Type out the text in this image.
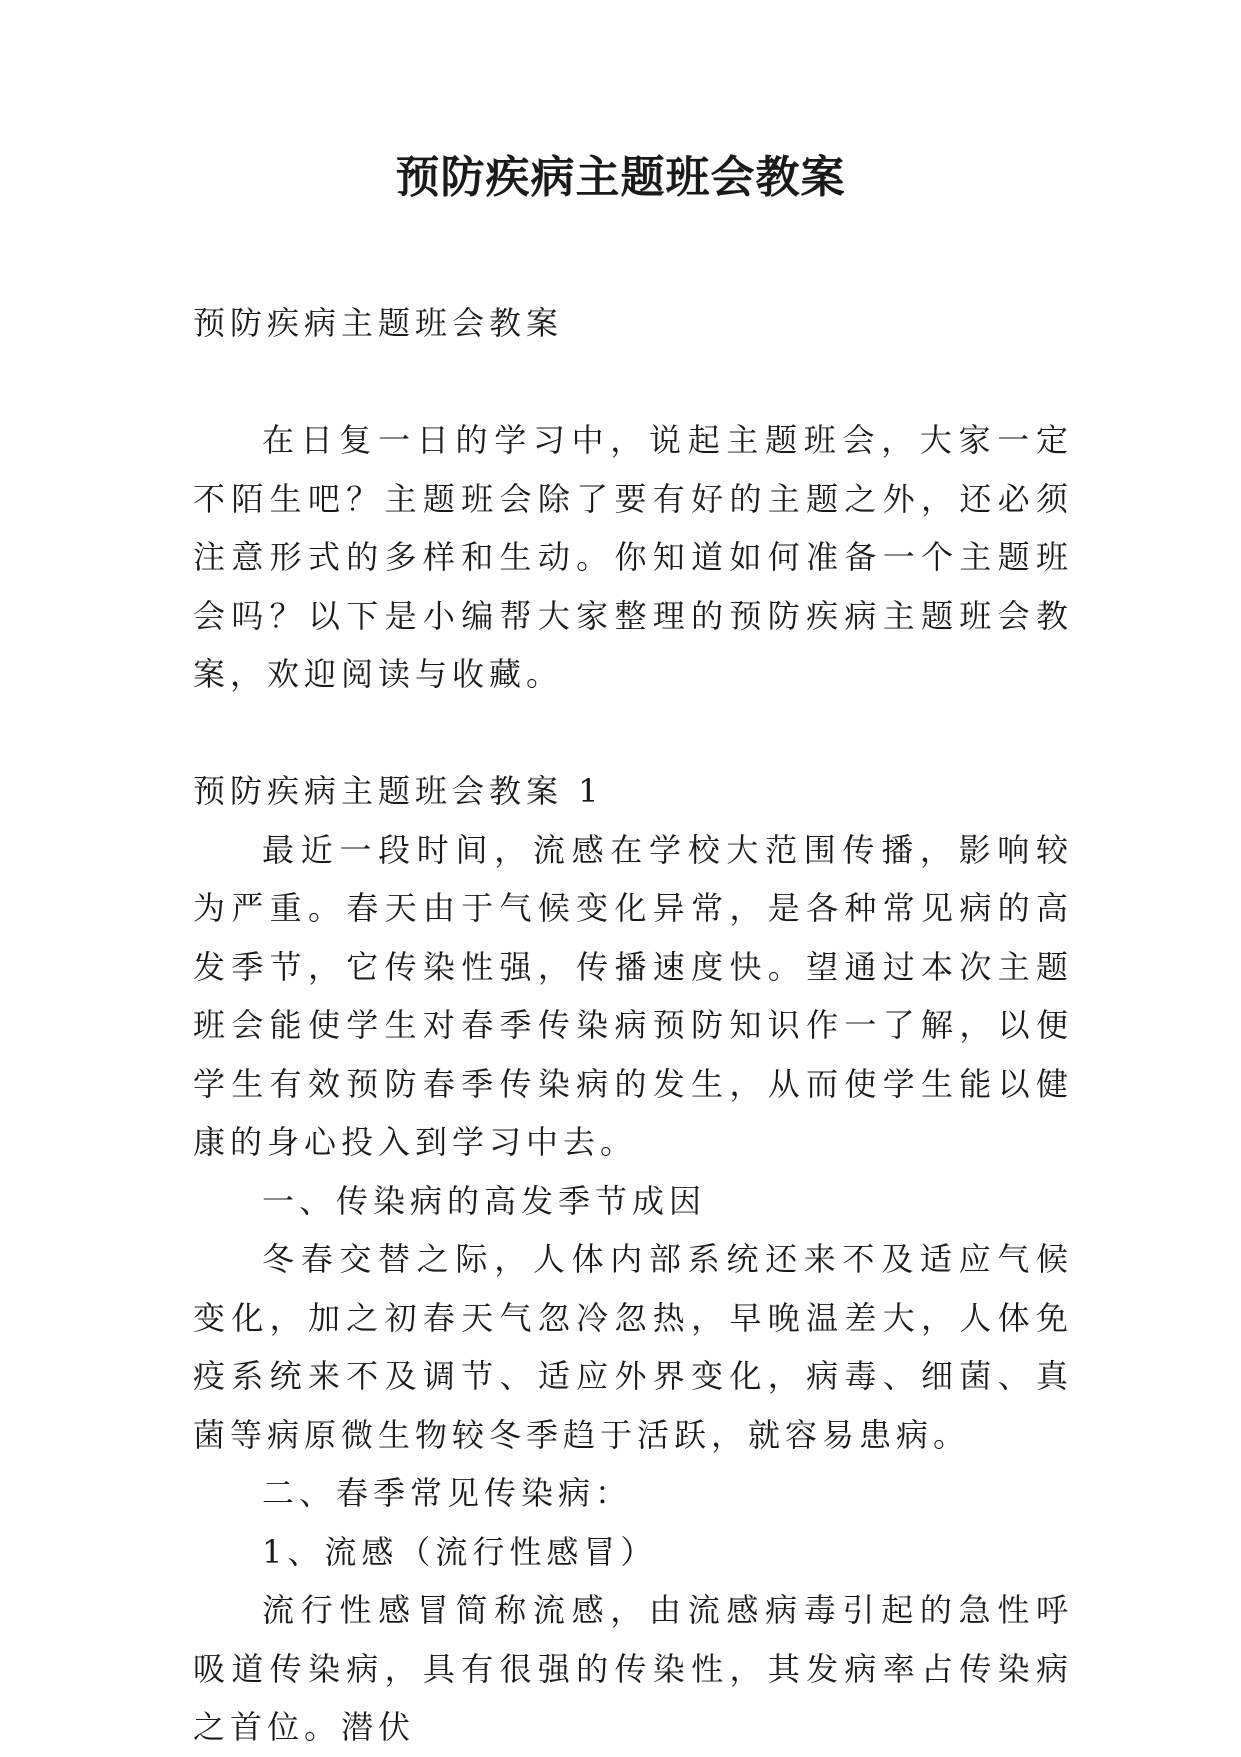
预防疾病主题班会教案

预防疾病主题班会教案

在日复一日的学习中，说起主题班会，大家一定不陌生吧？主题班会除了要有好的主题之外，还必须注意形式的多样和生动。你知道如何准备一个主题班会吗？以下是小编帮大家整理的预防疾病主题班会教案，欢迎阅读与收藏。

预防疾病主题班会教案 1

最近一段时间，流感在学校大范围传播，影响较为严重。春天由于气候变化异常，是各种常见病的高发季节，它传染性强，传播速度快。望通过本次主题班会能使学生对春季传染病预防知识作一了解，以便学生有效预防春季传染病的发生，从而使学生能以健康的身心投入到学习中去。

一、传染病的高发季节成因

冬春交替之际，人体内部系统还来不及适应气候变化，加之初春天气忽冷忽热，早晚温差大，人体免疫系统来不及调节、适应外界变化，病毒、细菌、真菌等病原微生物较冬季趋于活跃，就容易患病。

二、春季常见传染病：

1、流感（流行性感冒）

流行性感冒简称流感，由流感病毒引起的急性呼吸道传染病，具有很强的传染性，其发病率占传染病之首位。潜伏
